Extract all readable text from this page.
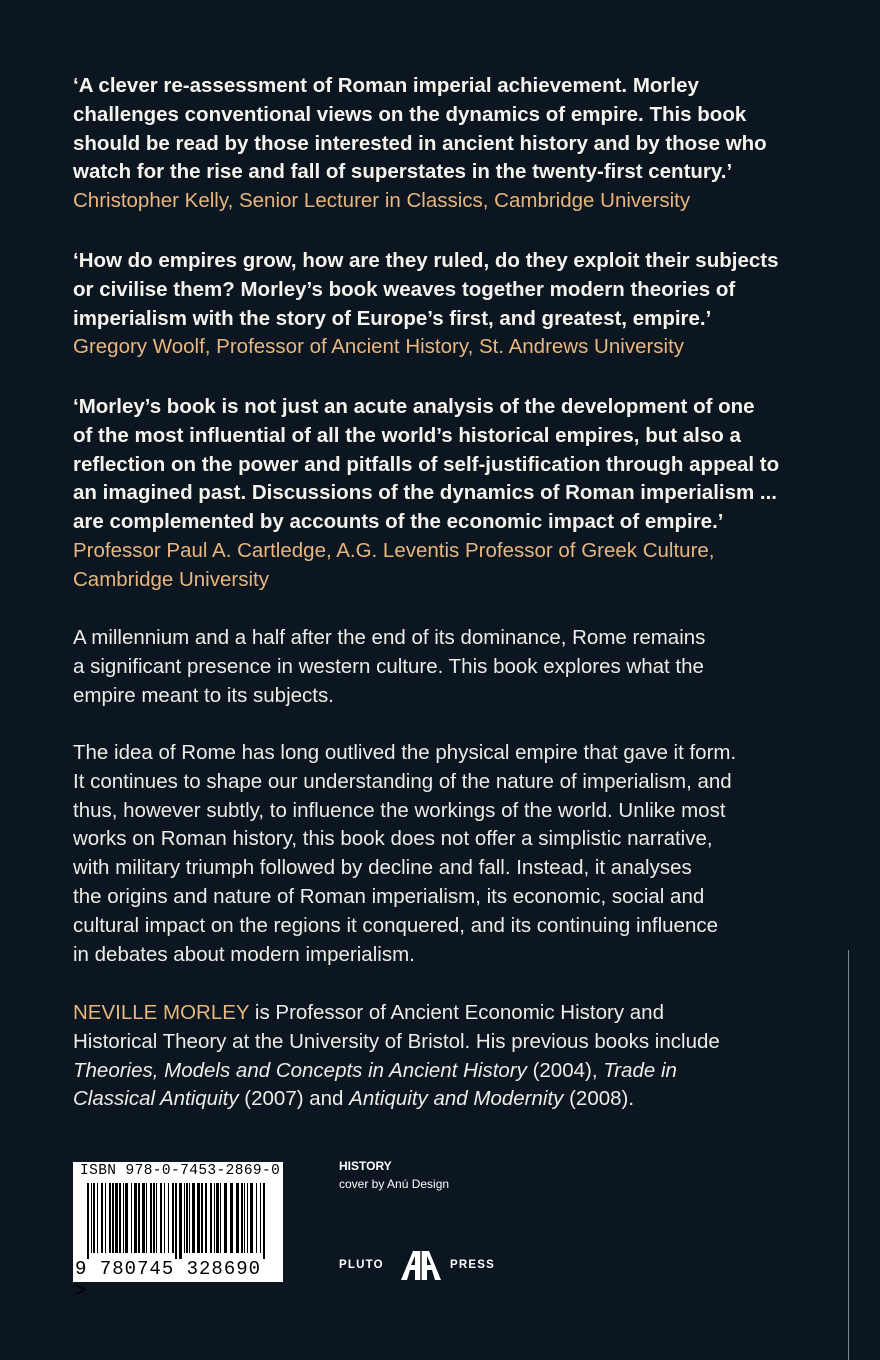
‘A clever re-assessment of Roman imperial achievement. Morley
challenges conventional views on the dynamics of empire. This book
should be read by those interested in ancient history and by those who
watch for the rise and fall of superstates in the twenty-first century.’
Christopher Kelly, Senior Lecturer in Classics, Cambridge University
‘How do empires grow, how are they ruled, do they exploit their subjects
or civilise them? Morley’s book weaves together modern theories of
imperialism with the story of Europe’s first, and greatest, empire.’
Gregory Woolf, Professor of Ancient History, St. Andrews University
‘Morley’s book is not just an acute analysis of the development of one
of the most influential of all the world’s historical empires, but also a
reflection on the power and pitfalls of self-justification through appeal to
an imagined past. Discussions of the dynamics of Roman imperialism ...
are complemented by accounts of the economic impact of empire.’
Professor Paul A. Cartledge, A.G. Leventis Professor of Greek Culture,
Cambridge University
A millennium and a half after the end of its dominance, Rome remains
a significant presence in western culture. This book explores what the
empire meant to its subjects.
The idea of Rome has long outlived the physical empire that gave it form.
It continues to shape our understanding of the nature of imperialism, and
thus, however subtly, to influence the workings of the world. Unlike most
works on Roman history, this book does not offer a simplistic narrative,
with military triumph followed by decline and fall. Instead, it analyses
the origins and nature of Roman imperialism, its economic, social and
cultural impact on the regions it conquered, and its continuing influence
in debates about modern imperialism.
NEVILLE MORLEY is Professor of Ancient Economic History and
Historical Theory at the University of Bristol. His previous books include
Theories, Models and Concepts in Ancient History (2004), Trade in
Classical Antiquity (2007) and Antiquity and Modernity (2008).
ISBN 978-0-7453-2869-0
9 780745 328690 >
HISTORY
cover by Anú Design
PLUTO	PRESS
